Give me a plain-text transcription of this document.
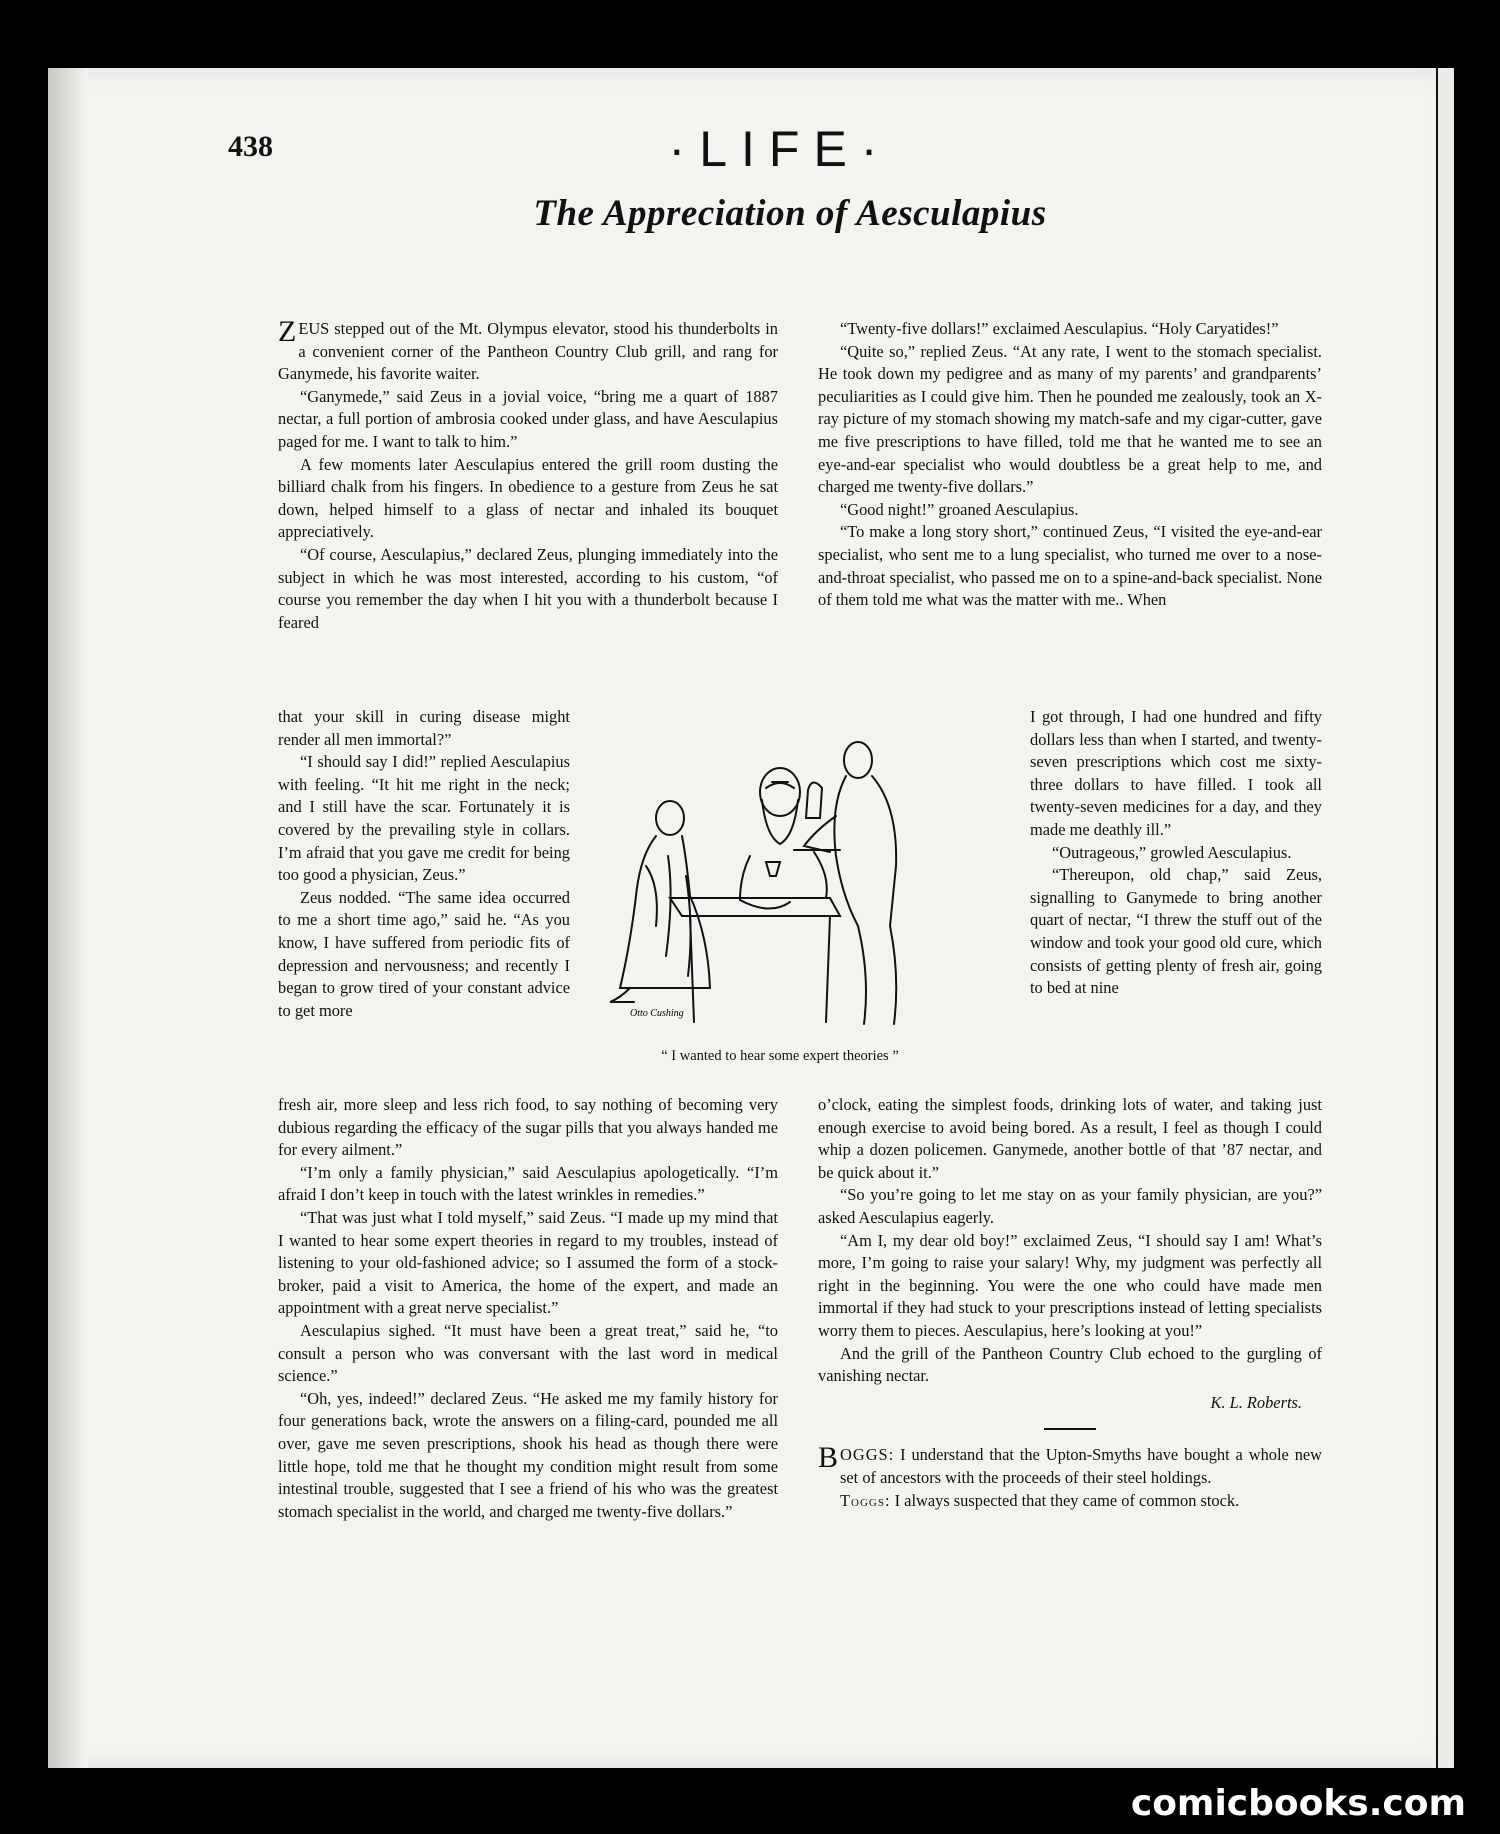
438	·LIFE·
The Appreciation of Aesculapius

ZEUS stepped out of the Mt. Olympus elevator, stood his thunderbolts in a convenient corner of the Pantheon Country Club grill, and rang for Ganymede, his favorite waiter.

“Ganymede,” said Zeus in a jovial voice, “bring me a quart of 1887 nectar, a full portion of ambrosia cooked under glass, and have Aesculapius paged for me. I want to talk to him.”

A few moments later Aesculapius entered the grill room dusting the billiard chalk from his fingers. In obedience to a gesture from Zeus he sat down, helped himself to a glass of nectar and inhaled its bouquet appreciatively.

“Of course, Aesculapius,” declared Zeus, plunging immediately into the subject in which he was most interested, according to his custom, “of course you remember the day when I hit you with a thunderbolt because I feared

that your skill in curing disease might render all men immortal?”

“I should say I did!” replied Aesculapius with feeling. “It hit me right in the neck; and I still have the scar. Fortunately it is covered by the prevailing style in collars. I’m afraid that you gave me credit for being too good a physician, Zeus.”

Zeus nodded. “The same idea occurred to me a short time ago,” said he. “As you know, I have suffered from periodic fits of depression and nervousness; and recently I began to grow tired of your constant advice to get more	Otto Cushing
“ I wanted to hear some expert theories ”

fresh air, more sleep and less rich food, to say nothing of becoming very dubious regarding the efficacy of the sugar pills that you always handed me for every ailment.”

“I’m only a family physician,” said Aesculapius apologetically. “I’m afraid I don’t keep in touch with the latest wrinkles in remedies.”

“That was just what I told myself,” said Zeus. “I made up my mind that I wanted to hear some expert theories in regard to my troubles, instead of listening to your old-fashioned advice; so I assumed the form of a stock-broker, paid a visit to America, the home of the expert, and made an appointment with a great nerve specialist.”

Aesculapius sighed. “It must have been a great treat,” said he, “to consult a person who was conversant with the last word in medical science.”

“Oh, yes, indeed!” declared Zeus. “He asked me my family history for four generations back, wrote the answers on a filing-card, pounded me all over, gave me seven prescriptions, shook his head as though there were little hope, told me that he thought my condition might result from some intestinal trouble, suggested that I see a friend of his who was the greatest stomach specialist in the world, and charged me twenty-five dollars.”

“Twenty-five dollars!” exclaimed Aesculapius. “Holy Caryatides!”

“Quite so,” replied Zeus. “At any rate, I went to the stomach specialist. He took down my pedigree and as many of my parents’ and grandparents’ peculiarities as I could give him. Then he pounded me zealously, took an X-ray picture of my stomach showing my match-safe and my cigar-cutter, gave me five prescriptions to have filled, told me that he wanted me to see an eye-and-ear specialist who would doubtless be a great help to me, and charged me twenty-five dollars.”

“Good night!” groaned Aesculapius.

“To make a long story short,” continued Zeus, “I visited the eye-and-ear specialist, who sent me to a lung specialist, who turned me over to a nose-and-throat specialist, who passed me on to a spine-and-back specialist. None of them told me what was the matter with me.. When

I got through, I had one hundred and fifty dollars less than when I started, and twenty-seven prescriptions which cost me sixty-three dollars to have filled. I took all twenty-seven medicines for a day, and they made me deathly ill.”

“Outrageous,” growled Aesculapius.

“Thereupon, old chap,” said Zeus, signalling to Ganymede to bring another quart of nectar, “I threw the stuff out of the window and took your good old cure, which consists of getting plenty of fresh air, going to bed at nine

o’clock, eating the simplest foods, drinking lots of water, and taking just enough exercise to avoid being bored. As a result, I feel as though I could whip a dozen policemen. Ganymede, another bottle of that ’87 nectar, and be quick about it.”

“So you’re going to let me stay on as your family physician, are you?” asked Aesculapius eagerly.

“Am I, my dear old boy!” exclaimed Zeus, “I should say I am! What’s more, I’m going to raise your salary! Why, my judgment was perfectly all right in the beginning. You were the one who could have made men immortal if they had stuck to your prescriptions instead of letting specialists worry them to pieces. Aesculapius, here’s looking at you!”

And the grill of the Pantheon Country Club echoed to the gurgling of vanishing nectar.

K. L. Roberts.

BOGGS: I understand that the Upton-Smyths have bought a whole new set of ancestors with the proceeds of their steel holdings.

Toggs: I always suspected that they came of common stock.

comicbooks.com
